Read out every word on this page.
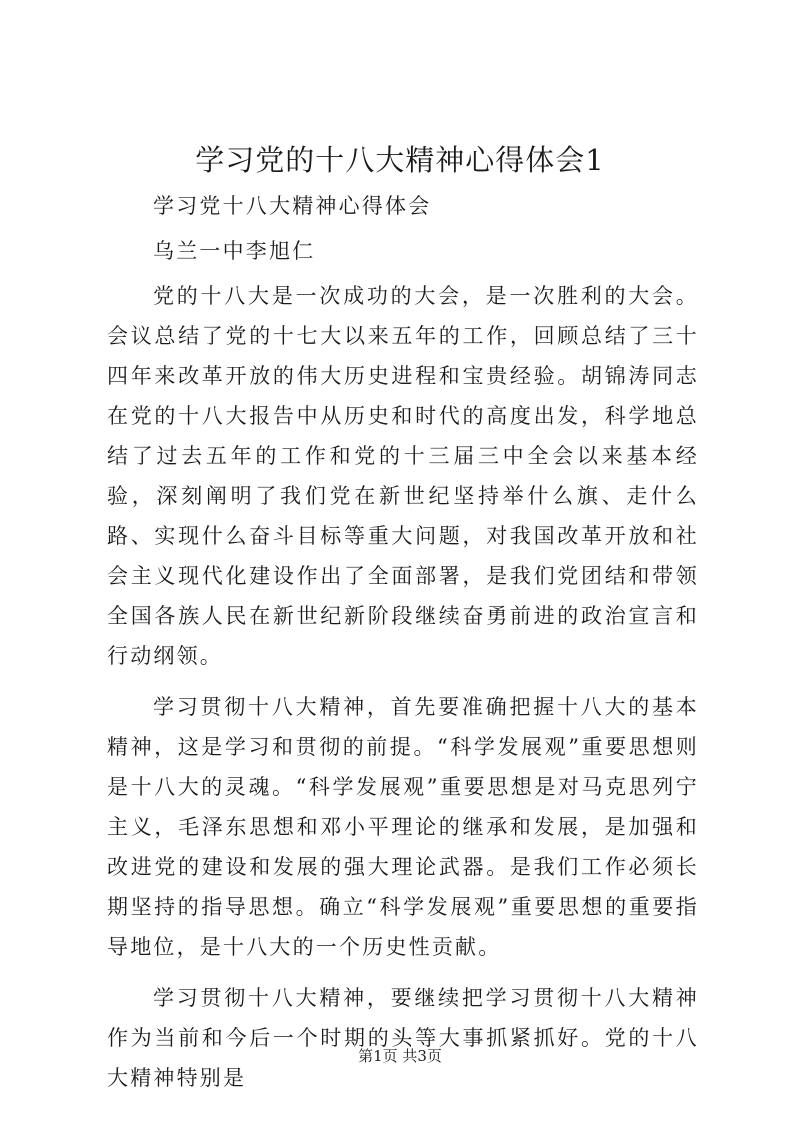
学习党的十八大精神心得体会1

学习党十八大精神心得体会

乌兰一中李旭仁

党的十八大是一次成功的大会，是一次胜利的大会。会议总结了党的十七大以来五年的工作，回顾总结了三十四年来改革开放的伟大历史进程和宝贵经验。胡锦涛同志在党的十八大报告中从历史和时代的高度出发，科学地总结了过去五年的工作和党的十三届三中全会以来基本经验，深刻阐明了我们党在新世纪坚持举什么旗、走什么路、实现什么奋斗目标等重大问题，对我国改革开放和社会主义现代化建设作出了全面部署，是我们党团结和带领全国各族人民在新世纪新阶段继续奋勇前进的政治宣言和行动纲领。

学习贯彻十八大精神，首先要准确把握十八大的基本精神，这是学习和贯彻的前提。“科学发展观”重要思想则是十八大的灵魂。“科学发展观”重要思想是对马克思列宁主义，毛泽东思想和邓小平理论的继承和发展，是加强和改进党的建设和发展的强大理论武器。是我们工作必须长期坚持的指导思想。确立“科学发展观”重要思想的重要指导地位，是十八大的一个历史性贡献。

学习贯彻十八大精神，要继续把学习贯彻十八大精神作为当前和今后一个时期的头等大事抓紧抓好。党的十八大精神特别是

第1页 共3页
